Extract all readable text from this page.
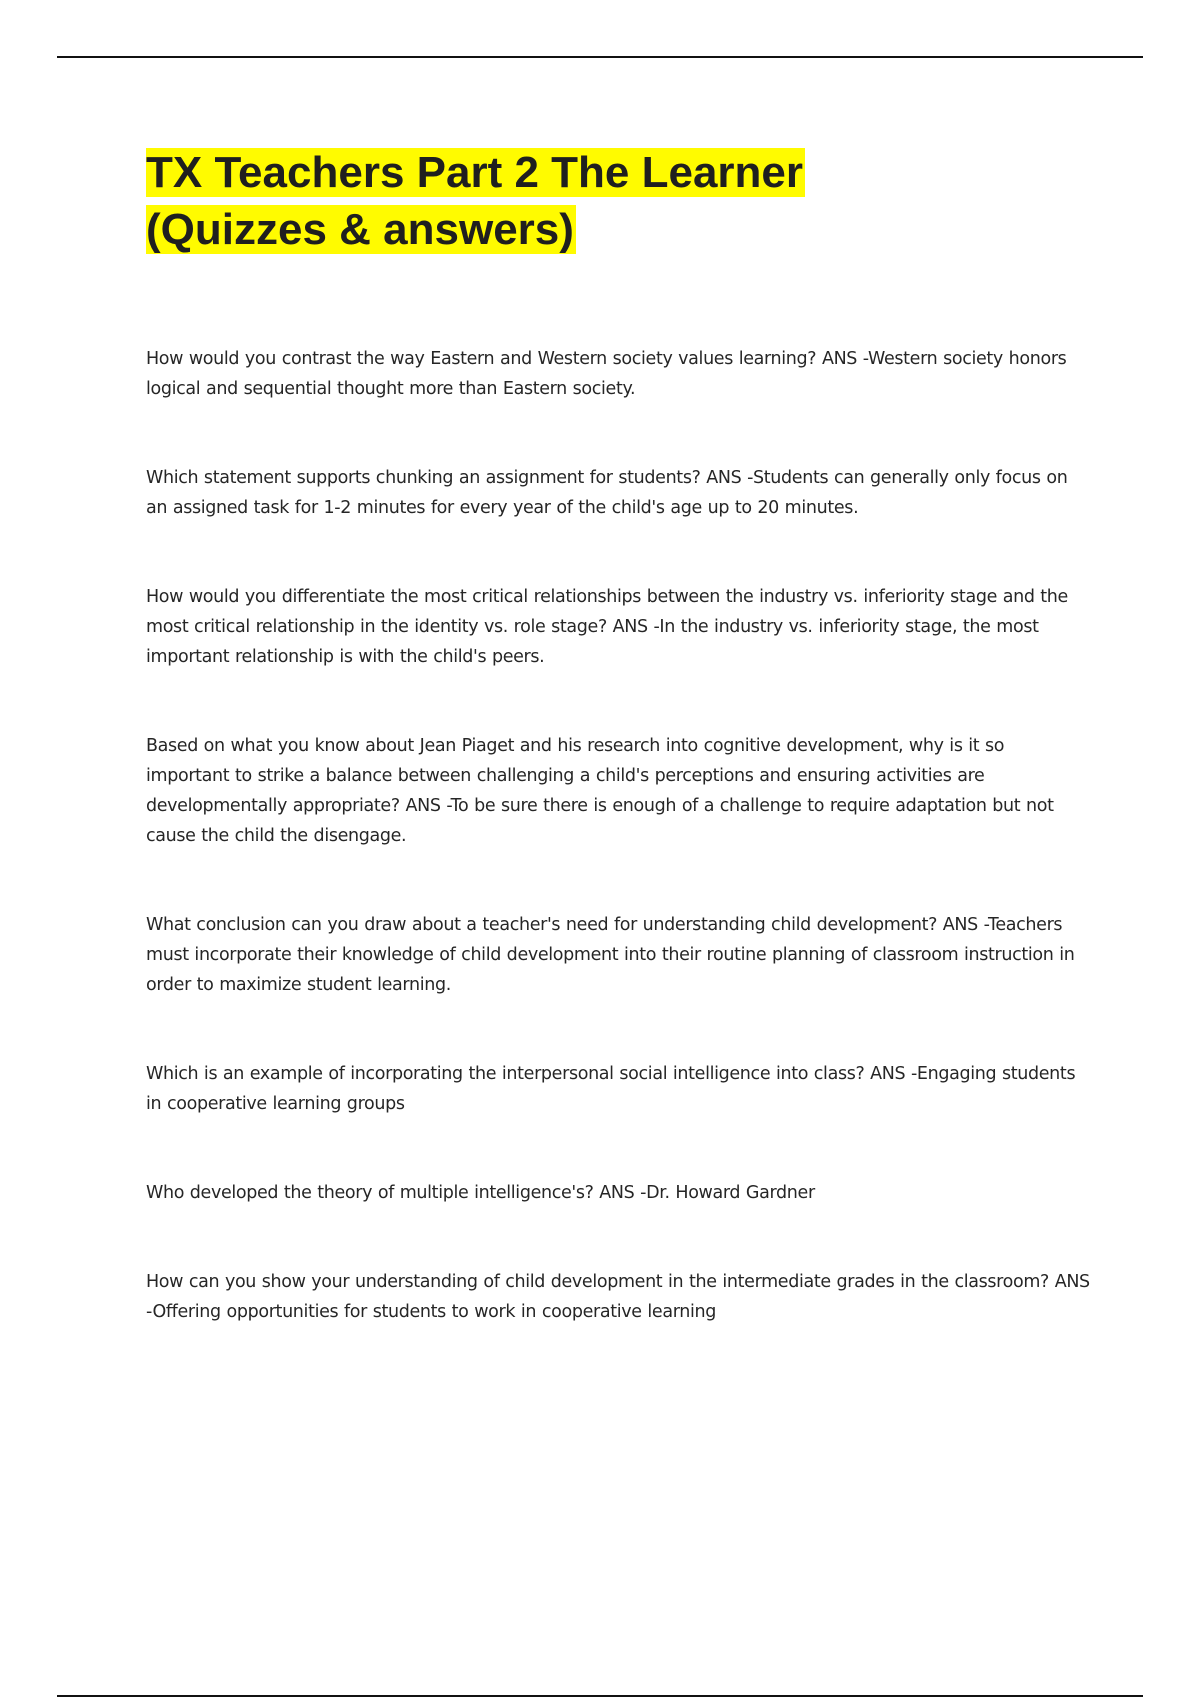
TX Teachers Part 2 The Learner
(Quizzes & answers)

How would you contrast the way Eastern and Western society values learning? ANS -Western society honors logical and sequential thought more than Eastern society.

Which statement supports chunking an assignment for students? ANS -Students can generally only focus on an assigned task for 1-2 minutes for every year of the child's age up to 20 minutes.

How would you differentiate the most critical relationships between the industry vs. inferiority stage and the most critical relationship in the identity vs. role stage? ANS -In the industry vs. inferiority stage, the most important relationship is with the child's peers.

Based on what you know about Jean Piaget and his research into cognitive development, why is it so important to strike a balance between challenging a child's perceptions and ensuring activities are developmentally appropriate? ANS -To be sure there is enough of a challenge to require adaptation but not cause the child the disengage.

What conclusion can you draw about a teacher's need for understanding child development? ANS -Teachers must incorporate their knowledge of child development into their routine planning of classroom instruction in order to maximize student learning.

Which is an example of incorporating the interpersonal social intelligence into class? ANS -Engaging students in cooperative learning groups

Who developed the theory of multiple intelligence's? ANS -Dr. Howard Gardner

How can you show your understanding of child development in the intermediate grades in the classroom? ANS -Offering opportunities for students to work in cooperative learning
